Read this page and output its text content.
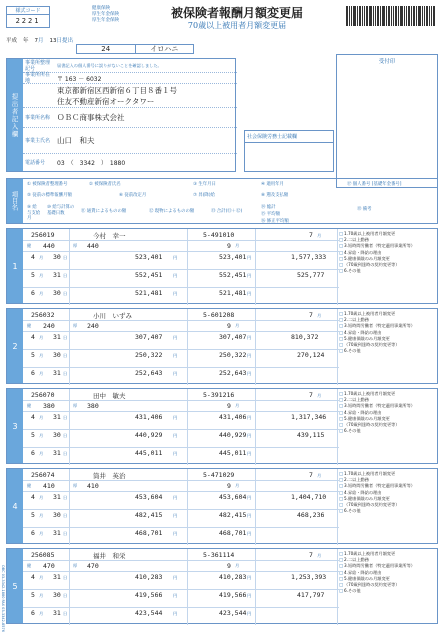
様式コード
2221
健康保険
厚生年金保険
厚生年金保険
被保険者報酬月額変更届
70歳以上被用者月額変更届
平成 年 7月 13日提出
24	イロハニ
受付印
提出者記入欄
事業所整理記号
届書記入の個人番号に誤りがないことを確認しました。
事業所所在地	〒 163 － 6032
東京都新宿区西新宿６丁目８番１号
住友不動産新宿オークタワー
事業所名称 ＯＢＣ商事株式会社
事業主氏名 山口　和夫
電話番号	03　（　3342　）　1880
社会保険労務士記載欄
項目名
① 被保険者整理番号	② 被保険者氏名	③ 生年月日	④ 適用年月
⑤ 従前の標準報酬月額	⑥ 従前改定月	⑦ 昇(降)給	⑧ 遡及支払額
⑨ 給与支給月
⑩ 給与計算の基礎日数	⑪ 通貨によるものの額	⑫ 現物によるものの額	⑬ 合計(⑪＋⑫)
⑭ 総計
⑮ 平均額
⑯ 修正平均額
⑰ 個人番号 [基礎年金番号]
⑱ 備考
1
256019	今村　幸一	5-491010	7 月
健 440	厚 440	9 月
4 月 30 日	523,401	円	523,401 円
5 月 31 日	552,451	円	552,451 円
6 月 30 日	521,481	円	521,481 円
1,577,333
525,777
□ 1.70歳以上被用者月額変更
□ 2.二以上勤務
□ 3.短時間労働者（特定適用事業所等）
□ 4.昇給・降給の理由
□ 5.健康保険のみ月額変更
□ （70歳到達時の契約変更等）
□ 6.その他
2
256032	小川　いずみ	5-601208	7 月
健 240	厚 240	9 月
4 月 31 日	307,407	円	307,407 円
5 月 30 日	250,322	円	250,322 円
6 月 31 日	252,643	円	252,643 円
810,372
270,124
□ 1.70歳以上被用者月額変更
□ 2.二以上勤務
□ 3.短時間労働者（特定適用事業所等）
□ 4.昇給・降給の理由
□ 5.健康保険のみ月額変更
□ （70歳到達時の契約変更等）
□ 6.その他
3
256070	田中　敏夫	5-391216	7 月
健 380	厚 380	9 月
4 月 31 日	431,406	円	431,406 円
5 月 30 日	440,929	円	440,929 円
6 月 31 日	445,011	円	445,011 円
1,317,346
439,115
□ 1.70歳以上被用者月額変更
□ 2.二以上勤務
□ 3.短時間労働者（特定適用事業所等）
□ 4.昇給・降給の理由
□ 5.健康保険のみ月額変更
□ （70歳到達時の契約変更等）
□ 6.その他
4
256074	筒井　英治	5-471029	7 月
健 410	厚 410	9 月
4 月 31 日	453,604	円	453,604 円
5 月 30 日	482,415	円	482,415 円
6 月 31 日	468,701	円	468,701 円
1,404,710
468,236
□ 1.70歳以上被用者月額変更
□ 2.二以上勤務
□ 3.短時間労働者（特定適用事業所等）
□ 4.昇給・降給の理由
□ 5.健康保険のみ月額変更
□ （70歳到達時の契約変更等）
□ 6.その他
5
256085	福井　和栄	5-361114	7 月
健 470	厚 470	9 月
4 月 31 日	410,283	円	410,283 円
5 月 30 日	419,566	円	419,566 円
6 月 31 日	423,544	円	423,544 円
1,253,393
417,797
□ 1.70歳以上被用者月額変更
□ 2.二以上勤務
□ 3.短時間労働者（特定適用事業所等）
□ 4.昇給・降給の理由
□ 5.健康保険のみ月額変更
□ （70歳到達時の契約変更等）
□ 6.その他
OBC 03-3342-1880 FAX 03-3342-8576
